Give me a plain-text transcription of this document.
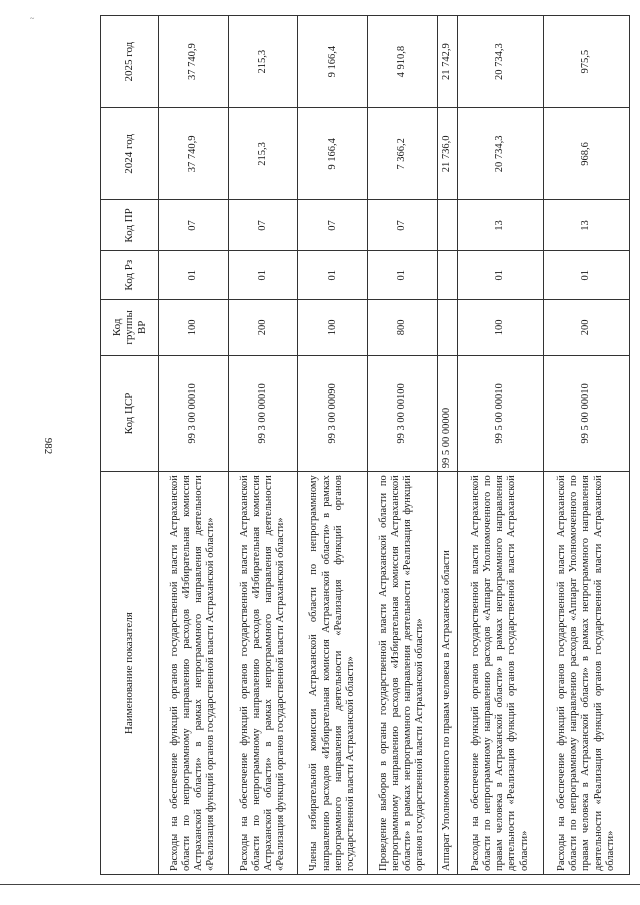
~
982
Наименование показателя	Код ЦСР	Код группы ВР	Код Рз	Код ПР	2024 год	2025 год
Расходы на обеспечение функций органов государственной власти Астраханской области по непрограммному направлению расходов «Избирательная комиссия Астраханской области» в рамках непрограммного направления деятельности «Реализация функций органов государственной власти Астраханской области»	99 3 00 00010	100	01	07	37 740,9	37 740,9
Расходы на обеспечение функций органов государственной власти Астраханской области по непрограммному направлению расходов «Избирательная комиссия Астраханской области» в рамках непрограммного направления деятельности «Реализация функций органов государственной власти Астраханской области»	99 3 00 00010	200	01	07	215,3	215,3
Члены избирательной комиссии Астраханской области по непрограммному направлению расходов «Избирательная комиссия Астраханской области» в рамках непрограммного направления деятельности «Реализация функций органов государственной власти Астраханской области»	99 3 00 00090	100	01	07	9 166,4	9 166,4
Проведение выборов в органы государственной власти Астраханской области по непрограммному направлению расходов «Избирательная комиссия Астраханской области» в рамках непрограммного направления деятельности «Реализация функций органов государственной власти Астраханской области»	99 3 00 00100	800	01	07	7 366,2	4 910,8
Аппарат Уполномоченного по правам человека в Астраханской области	99 5 00 00000				21 736,0	21 742,9
Расходы на обеспечение функций органов государственной власти Астраханской области по непрограммному направлению расходов «Аппарат Уполномоченного по правам человека в Астраханской области» в рамках непрограммного направления деятельности «Реализация функций органов государственной власти Астраханской области»	99 5 00 00010	100	01	13	20 734,3	20 734,3
Расходы на обеспечение функций органов государственной власти Астраханской области по непрограммному направлению расходов «Аппарат Уполномоченного по правам человека в Астраханской области» в рамках непрограммного направления деятельности «Реализация функций органов государственной власти Астраханской области»	99 5 00 00010	200	01	13	968,6	975,5
